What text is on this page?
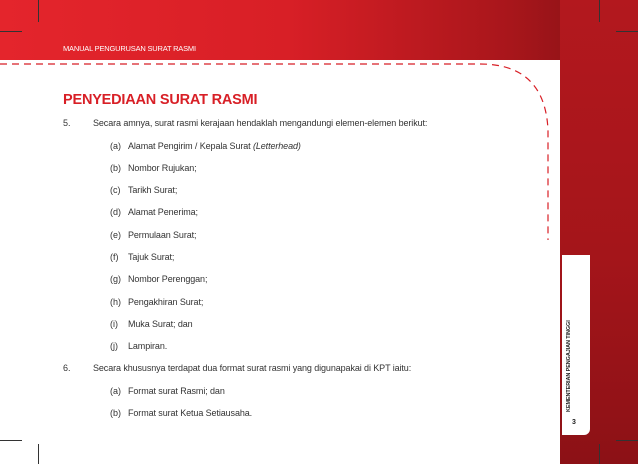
KEMENTERIAN PENGAJIAN TINGGI
3
MANUAL PENGURUSAN SURAT RASMI
PENYEDIAAN SURAT RASMI
5. Secara amnya, surat rasmi kerajaan hendaklah mengandungi elemen-elemen berikut:
(a) Alamat Pengirim / Kepala Surat (Letterhead)
(b) Nombor Rujukan;
(c) Tarikh Surat;
(d) Alamat Penerima;
(e) Permulaan Surat;
(f) Tajuk Surat;
(g) Nombor Perenggan;
(h) Pengakhiran Surat;
(i) Muka Surat; dan
(j) Lampiran.
6. Secara khususnya terdapat dua format surat rasmi yang digunapakai di KPT iaitu:
(a) Format surat Rasmi; dan
(b) Format surat Ketua Setiausaha.
